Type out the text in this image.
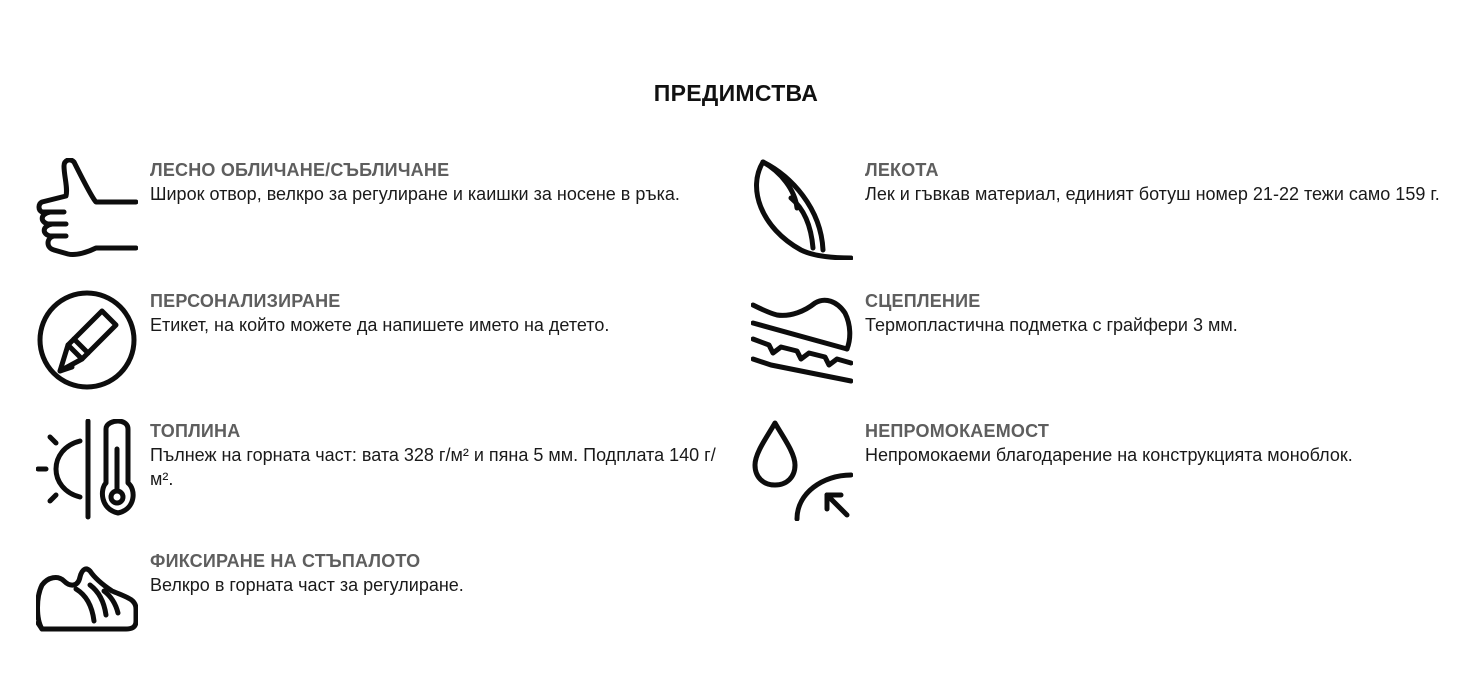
ПРЕДИМСТВА
ЛЕСНО ОБЛИЧАНЕ/СЪБЛИЧАНЕ
Широк отвор, велкро за регулиране и каишки за носене в ръка.
ЛЕКОТА
Лек и гъвкав материал, единият ботуш номер 21-22 тежи само 159 г.
ПЕРСОНАЛИЗИРАНЕ
Етикет, на който можете да напишете името на детето.
СЦЕПЛЕНИЕ
Термопластична подметка с грайфери 3 мм.
ТОПЛИНА
Пълнеж на горната част: вата 328 г/м² и пяна 5 мм. Подплата 140 г/м².
НЕПРОМОКАЕМОСТ
Непромокаеми благодарение на конструкцията моноблок.
ФИКСИРАНЕ НА СТЪПАЛОТО
Велкро в горната част за регулиране.
